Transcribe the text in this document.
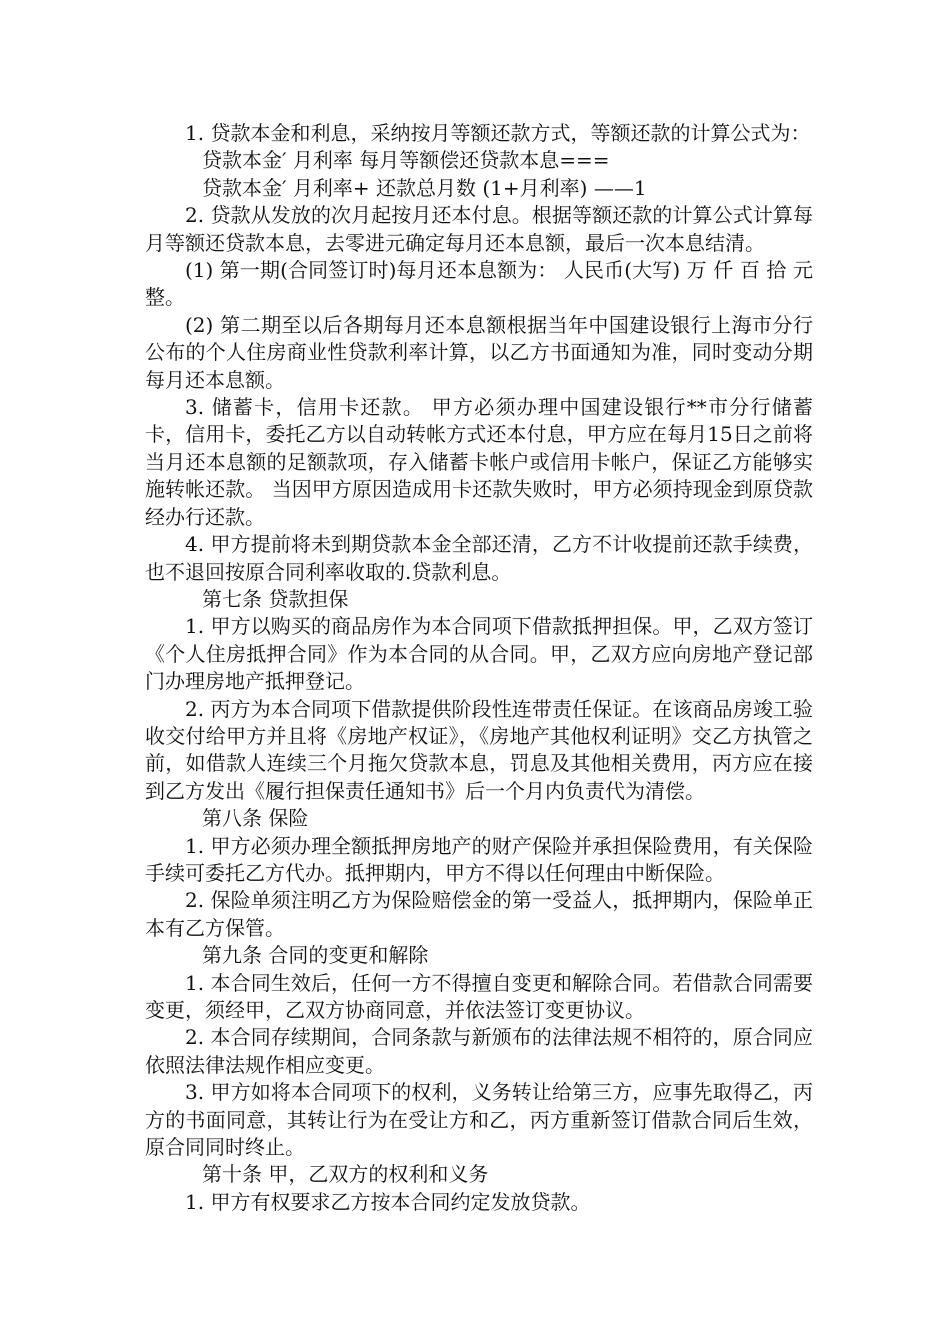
1. 贷款本金和利息，采纳按月等额还款方式，等额还款的计算公式为：

贷款本金′ 月利率 每月等额偿还贷款本息===

贷款本金′ 月利率+ 还款总月数 (1+月利率) ——1

2. 贷款从发放的次月起按月还本付息。根据等额还款的计算公式计算每月等额还贷款本息，去零进元确定每月还本息额，最后一次本息结清。

(1) 第一期(合同签订时)每月还本息额为： 人民币(大写) 万 仟 百 拾 元整。

(2) 第二期至以后各期每月还本息额根据当年中国建设银行上海市分行公布的个人住房商业性贷款利率计算，以乙方书面通知为准，同时变动分期每月还本息额。

3. 储蓄卡，信用卡还款。 甲方必须办理中国建设银行**市分行储蓄卡，信用卡，委托乙方以自动转帐方式还本付息，甲方应在每月15日之前将当月还本息额的足额款项，存入储蓄卡帐户或信用卡帐户，保证乙方能够实施转帐还款。 当因甲方原因造成用卡还款失败时，甲方必须持现金到原贷款经办行还款。

4. 甲方提前将未到期贷款本金全部还清，乙方不计收提前还款手续费，也不退回按原合同利率收取的.贷款利息。

第七条 贷款担保

1. 甲方以购买的商品房作为本合同项下借款抵押担保。甲，乙双方签订《个人住房抵押合同》作为本合同的从合同。甲，乙双方应向房地产登记部门办理房地产抵押登记。

2. 丙方为本合同项下借款提供阶段性连带责任保证。在该商品房竣工验收交付给甲方并且将《房地产权证》，《房地产其他权利证明》交乙方执管之前，如借款人连续三个月拖欠贷款本息，罚息及其他相关费用，丙方应在接到乙方发出《履行担保责任通知书》后一个月内负责代为清偿。

第八条 保险

1. 甲方必须办理全额抵押房地产的财产保险并承担保险费用，有关保险手续可委托乙方代办。抵押期内，甲方不得以任何理由中断保险。

2. 保险单须注明乙方为保险赔偿金的第一受益人，抵押期内，保险单正本有乙方保管。

第九条 合同的变更和解除

1. 本合同生效后，任何一方不得擅自变更和解除合同。若借款合同需要变更，须经甲，乙双方协商同意，并依法签订变更协议。

2. 本合同存续期间，合同条款与新颁布的法律法规不相符的，原合同应依照法律法规作相应变更。

3. 甲方如将本合同项下的权利，义务转让给第三方，应事先取得乙，丙方的书面同意，其转让行为在受让方和乙，丙方重新签订借款合同后生效，原合同同时终止。

第十条 甲，乙双方的权利和义务

1. 甲方有权要求乙方按本合同约定发放贷款。
